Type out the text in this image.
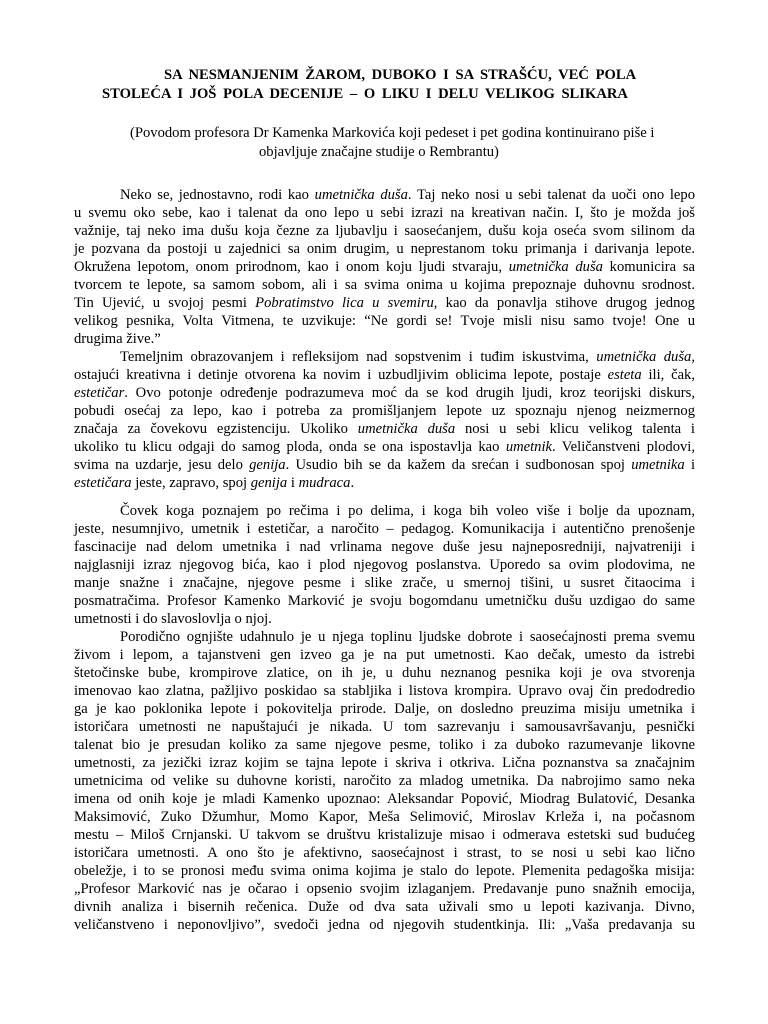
SA NESMANJENIM ŽAROM, DUBOKO I SA STRAŠĆU, VEĆ POLA
STOLEĆA I JOŠ POLA DECENIJE – O LIKU I DELU VELIKOG SLIKARA

(Povodom profesora Dr Kamenka Markovića koji pedeset i pet godina kontinuirano piše i
objavljuje značajne studije o Rembrantu)

Neko se, jednostavno, rodi kao umetnička duša. Taj neko nosi u sebi talenat da uoči ono lepo
u svemu oko sebe, kao i talenat da ono lepo u sebi izrazi na kreativan način. I, što je možda još
važnije, taj neko ima dušu koja čezne za ljubavlju i saosećanjem, dušu koja oseća svom silinom da
je pozvana da postoji u zajednici sa onim drugim, u neprestanom toku primanja i darivanja lepote.
Okružena lepotom, onom prirodnom, kao i onom koju ljudi stvaraju, umetnička duša komunicira sa
tvorcem te lepote, sa samom sobom, ali i sa svima onima u kojima prepoznaje duhovnu srodnost.
Tin Ujević, u svojoj pesmi Pobratimstvo lica u svemiru, kao da ponavlja stihove drugog jednog
velikog pesnika, Volta Vitmena, te uzvikuje: “Ne gordi se! Tvoje misli nisu samo tvoje! One u
drugima žive.”

Temeljnim obrazovanjem i refleksijom nad sopstvenim i tuđim iskustvima, umetnička duša,
ostajući kreativna i detinje otvorena ka novim i uzbudljivim oblicima lepote, postaje esteta ili, čak,
estetičar. Ovo potonje određenje podrazumeva moć da se kod drugih ljudi, kroz teorijski diskurs,
pobudi osećaj za lepo, kao i potreba za promišljanjem lepote uz spoznaju njenog neizmernog
značaja za čovekovu egzistenciju. Ukoliko umetnička duša nosi u sebi klicu velikog talenta i
ukoliko tu klicu odgaji do samog ploda, onda se ona ispostavlja kao umetnik. Veličanstveni plodovi,
svima na uzdarje, jesu delo genija. Usudio bih se da kažem da srećan i sudbonosan spoj umetnika i
estetičara jeste, zapravo, spoj genija i mudraca.

Čovek koga poznajem po rečima i po delima, i koga bih voleo više i bolje da upoznam,
jeste, nesumnjivo, umetnik i estetičar, a naročito – pedagog. Komunikacija i autentično prenošenje
fascinacije nad delom umetnika i nad vrlinama negove duše jesu najneposredniji, najvatreniji i
najglasniji izraz njegovog bića, kao i plod njegovog poslanstva. Uporedo sa ovim plodovima, ne
manje snažne i značajne, njegove pesme i slike zrače, u smernoj tišini, u susret čitaocima i
posmatračima. Profesor Kamenko Marković je svoju bogomdanu umetničku dušu uzdigao do same
umetnosti i do slavoslovlja o njoj.

Porodično ognjište udahnulo je u njega toplinu ljudske dobrote i saosećajnosti prema svemu
živom i lepom, a tajanstveni gen izveo ga je na put umetnosti. Kao dečak, umesto da istrebi
štetočinske bube, krompirove zlatice, on ih je, u duhu neznanog pesnika koji je ova stvorenja
imenovao kao zlatna, pažljivo poskidao sa stabljika i listova krompira. Upravo ovaj čin predodredio
ga je kao poklonika lepote i pokovitelja prirode. Dalje, on dosledno preuzima misiju umetnika i
istoričara umetnosti ne napuštajući je nikada. U tom sazrevanju i samousavršavanju, pesnički
talenat bio je presudan koliko za same njegove pesme, toliko i za duboko razumevanje likovne
umetnosti, za jezički izraz kojim se tajna lepote i skriva i otkriva. Lična poznanstva sa značajnim
umetnicima od velike su duhovne koristi, naročito za mladog umetnika. Da nabrojimo samo neka
imena od onih koje je mladi Kamenko upoznao: Aleksandar Popović, Miodrag Bulatović, Desanka
Maksimović, Zuko Džumhur, Momo Kapor, Meša Selimović, Miroslav Krleža i, na počasnom
mestu – Miloš Crnjanski. U takvom se društvu kristalizuje misao i odmerava estetski sud budućeg
istoričara umetnosti. A ono što je afektivno, saosećajnost i strast, to se nosi u sebi kao lično
obeležje, i to se pronosi među svima onima kojima je stalo do lepote. Plemenita pedagoška misija:
„Profesor Marković nas je očarao i opsenio svojim izlaganjem. Predavanje puno snažnih emocija,
divnih analiza i bisernih rečenica. Duže od dva sata uživali smo u lepoti kazivanja. Divno,
veličanstveno i neponovljivo”, svedoči jedna od njegovih studentkinja. Ili: „Vaša predavanja su
